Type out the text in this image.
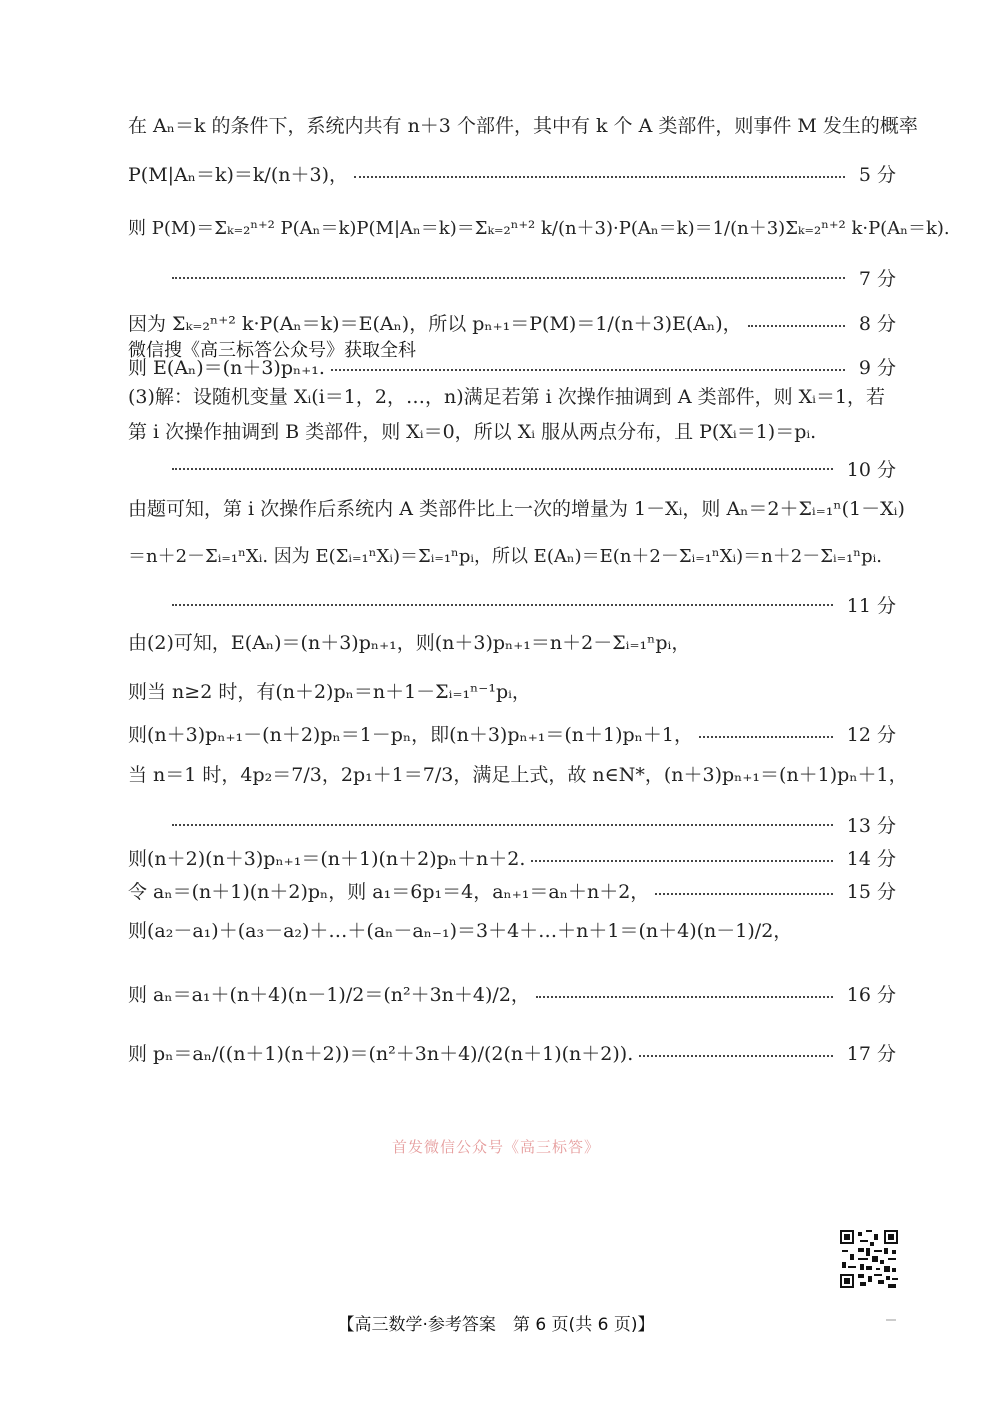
在 Aₙ＝k 的条件下，系统内共有 n＋3 个部件，其中有 k 个 A 类部件，则事件 M 发生的概率
P(M|Aₙ＝k)＝k/(n＋3)，	5 分
则 P(M)＝Σₖ₌₂ⁿ⁺² P(Aₙ＝k)P(M|Aₙ＝k)＝Σₖ₌₂ⁿ⁺² k/(n＋3)·P(Aₙ＝k)＝1/(n＋3)Σₖ₌₂ⁿ⁺² k·P(Aₙ＝k).
7 分
因为 Σₖ₌₂ⁿ⁺² k·P(Aₙ＝k)＝E(Aₙ)，所以 pₙ₊₁＝P(M)＝1/(n＋3)E(Aₙ)，	8 分
微信搜《高三标答公众号》获取全科
则 E(Aₙ)＝(n＋3)pₙ₊₁.	9 分
(3)解：设随机变量 Xᵢ(i＝1，2，…，n)满足若第 i 次操作抽调到 A 类部件，则 Xᵢ＝1，若
第 i 次操作抽调到 B 类部件，则 Xᵢ＝0，所以 Xᵢ 服从两点分布，且 P(Xᵢ＝1)＝pᵢ.
10 分
由题可知，第 i 次操作后系统内 A 类部件比上一次的增量为 1－Xᵢ，则 Aₙ＝2＋Σᵢ₌₁ⁿ(1－Xᵢ)
＝n＋2－Σᵢ₌₁ⁿXᵢ. 因为 E(Σᵢ₌₁ⁿXᵢ)＝Σᵢ₌₁ⁿpᵢ，所以 E(Aₙ)＝E(n＋2－Σᵢ₌₁ⁿXᵢ)＝n＋2－Σᵢ₌₁ⁿpᵢ.
11 分
由(2)可知，E(Aₙ)＝(n＋3)pₙ₊₁，则(n＋3)pₙ₊₁＝n＋2－Σᵢ₌₁ⁿpᵢ，
则当 n≥2 时，有(n＋2)pₙ＝n＋1－Σᵢ₌₁ⁿ⁻¹pᵢ，
则(n＋3)pₙ₊₁－(n＋2)pₙ＝1－pₙ，即(n＋3)pₙ₊₁＝(n＋1)pₙ＋1，	12 分
当 n＝1 时，4p₂＝7/3，2p₁＋1＝7/3，满足上式，故 n∈N*，(n＋3)pₙ₊₁＝(n＋1)pₙ＋1，
13 分
则(n＋2)(n＋3)pₙ₊₁＝(n＋1)(n＋2)pₙ＋n＋2.	14 分
令 aₙ＝(n＋1)(n＋2)pₙ，则 a₁＝6p₁＝4，aₙ₊₁＝aₙ＋n＋2，	15 分
则(a₂－a₁)＋(a₃－a₂)＋…＋(aₙ－aₙ₋₁)＝3＋4＋…＋n＋1＝(n＋4)(n－1)/2，
则 aₙ＝a₁＋(n＋4)(n－1)/2＝(n²＋3n＋4)/2，	16 分
则 pₙ＝aₙ/((n＋1)(n＋2))＝(n²＋3n＋4)/(2(n＋1)(n＋2)).	17 分
首发微信公众号《高三标答》
【高三数学·参考答案　第 6 页(共 6 页)】
